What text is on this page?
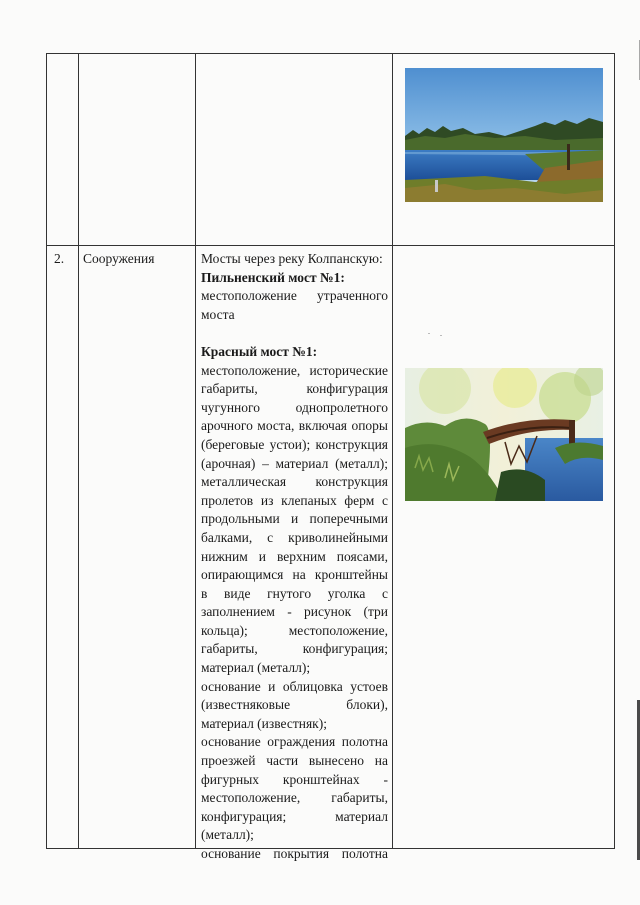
2. Сооружения	Мосты через реку Колпанскую:

Пильненский мост №1:

местоположение утраченного

моста

Красный мост №1:

местоположение, исторические

габариты, конфигурация

чугунного однопролетного

арочного моста, включая опоры

(береговые устои); конструкция

(арочная) – материал (металл);

металлическая конструкция

пролетов из клепаных ферм с

продольными и поперечными

балками, с криволинейными

нижним и верхним поясами,

опирающимся на кронштейны

в виде гнутого уголка с

заполнением - рисунок (три

кольца); местоположение,

габариты, конфигурация;

материал (металл);

основание и облицовка устоев

(известняковые блоки),

материал (известняк);

основание ограждения полотна

проезжей части вынесено на

фигурных кронштейнах -

местоположение, габариты,

конфигурация; материал

(металл);

основание покрытия полотна
